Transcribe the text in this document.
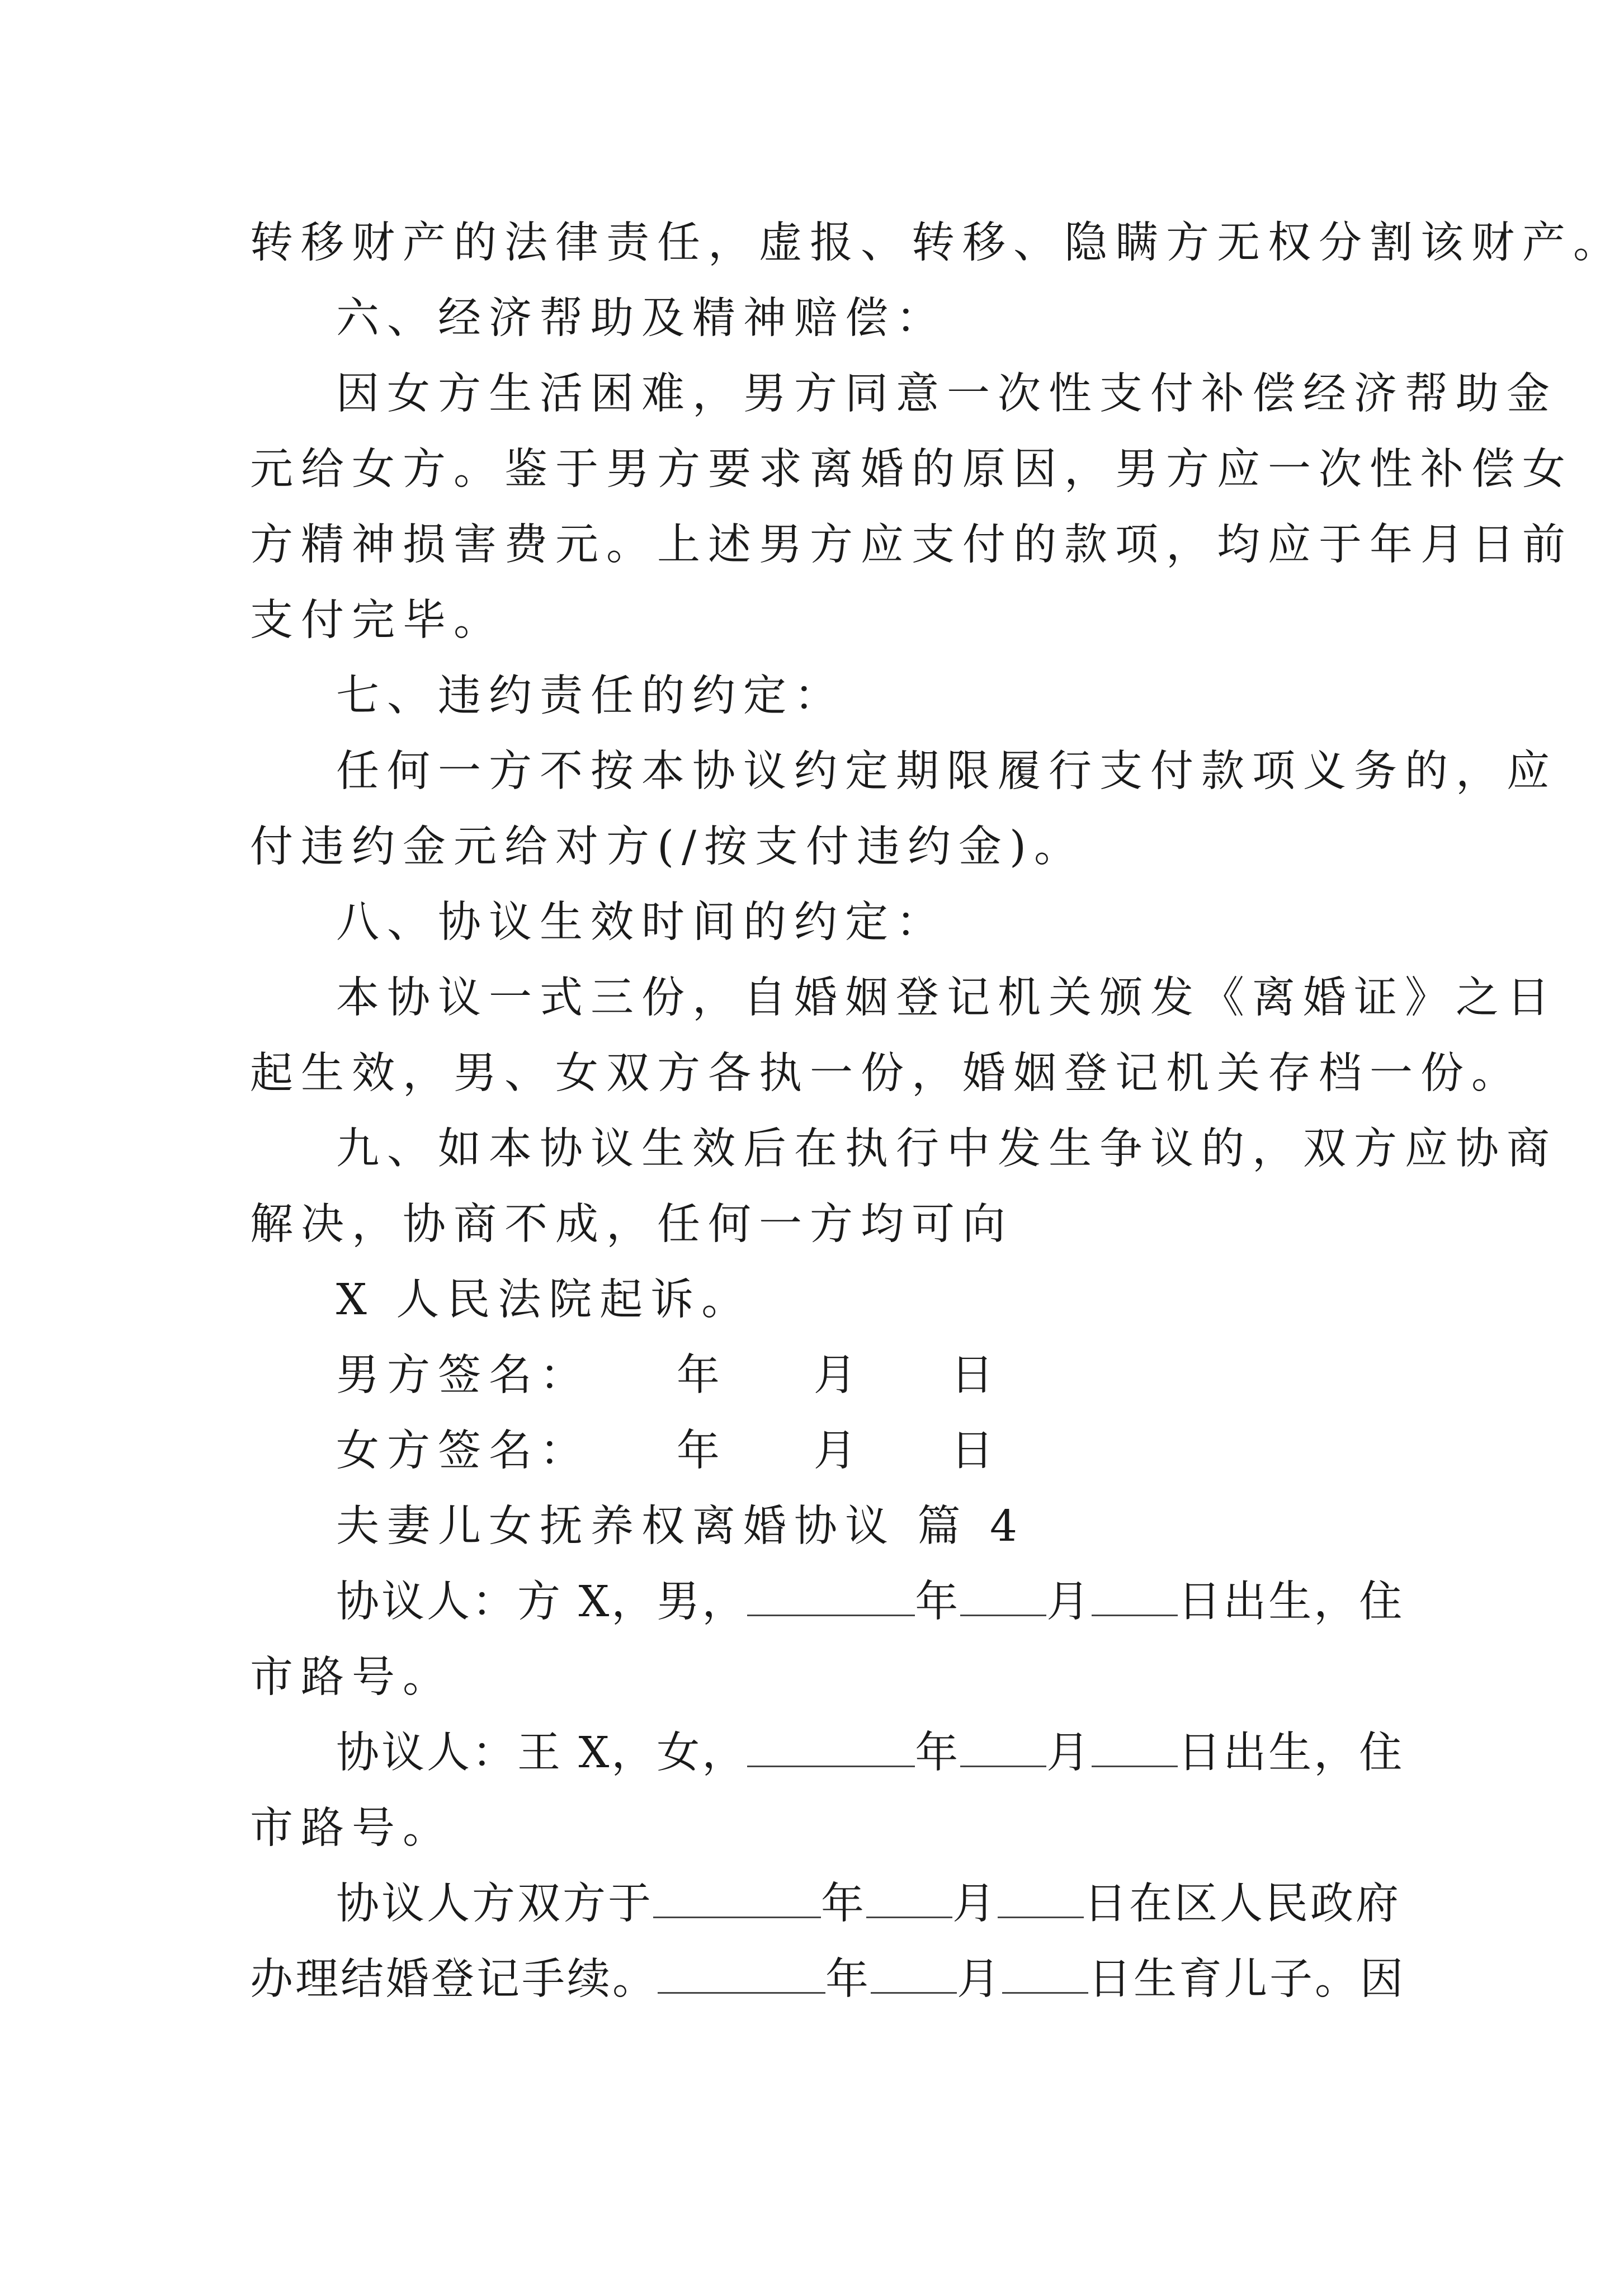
转移财产的法律责任，虚报、转移、隐瞒方无权分割该财产。
六、经济帮助及精神赔偿：
因女方生活困难，男方同意一次性支付补偿经济帮助金
元给女方。鉴于男方要求离婚的原因，男方应一次性补偿女
方精神损害费元。上述男方应支付的款项，均应于年月日前
支付完毕。
七、违约责任的约定：
任何一方不按本协议约定期限履行支付款项义务的，应
付违约金元给对方(/按支付违约金)。
八、协议生效时间的约定：
本协议一式三份，自婚姻登记机关颁发《离婚证》之日
起生效，男、女双方各执一份，婚姻登记机关存档一份。
九、如本协议生效后在执行中发生争议的，双方应协商
解决，协商不成，任何一方均可向
X 人民法院起诉。
男方签名：    年    月    日
女方签名：    年    月    日
夫妻儿女抚养权离婚协议 篇 4
协议人：方 X，男，	年 月 日出生，住
市路号。
协议人：王 X，女，	年 月 日出生，住
市路号。
协议人方双方于	年 月 日在区人民政府
办理结婚登记手续。	年 月 日生育儿子。因
